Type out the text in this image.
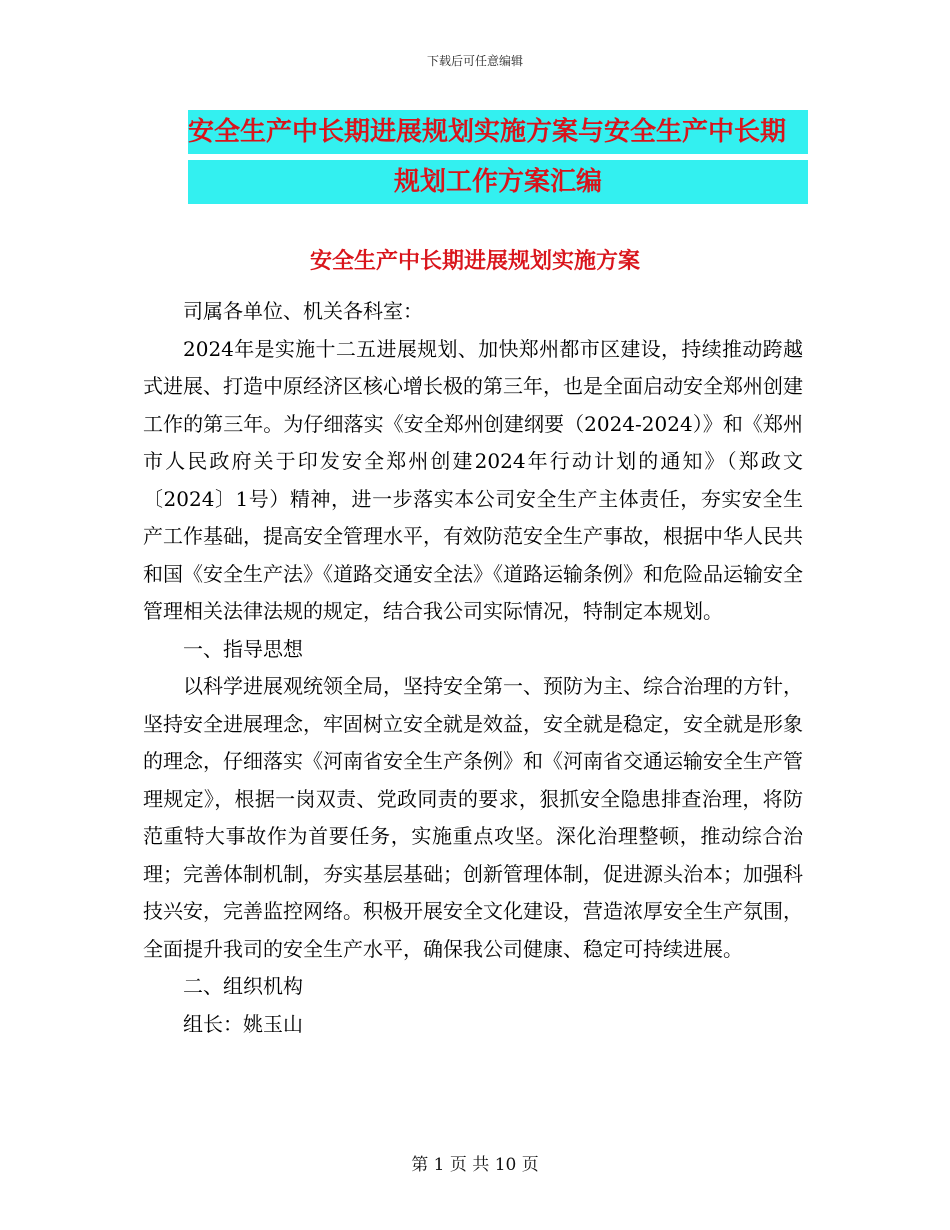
下载后可任意编辑
安全生产中长期进展规划实施方案与安全生产中长期
规划工作方案汇编
安全生产中长期进展规划实施方案

司属各单位、机关各科室：

2024年是实施十二五进展规划、加快郑州都市区建设，持续推动跨越式进展、打造中原经济区核心增长极的第三年，也是全面启动安全郑州创建工作的第三年。为仔细落实《安全郑州创建纲要（2024-2024）》和《郑州市人民政府关于印发安全郑州创建2024年行动计划的通知》（郑政文〔2024〕1号）精神，进一步落实本公司安全生产主体责任，夯实安全生产工作基础，提高安全管理水平，有效防范安全生产事故，根据中华人民共和国《安全生产法》《道路交通安全法》《道路运输条例》和危险品运输安全管理相关法律法规的规定，结合我公司实际情况，特制定本规划。

一、指导思想

以科学进展观统领全局，坚持安全第一、预防为主、综合治理的方针，坚持安全进展理念，牢固树立安全就是效益，安全就是稳定，安全就是形象的理念，仔细落实《河南省安全生产条例》和《河南省交通运输安全生产管理规定》，根据一岗双责、党政同责的要求，狠抓安全隐患排查治理，将防范重特大事故作为首要任务，实施重点攻坚。深化治理整顿，推动综合治理；完善体制机制，夯实基层基础；创新管理体制，促进源头治本；加强科技兴安，完善监控网络。积极开展安全文化建设，营造浓厚安全生产氛围，全面提升我司的安全生产水平，确保我公司健康、稳定可持续进展。

二、组织机构

组长：姚玉山

第 1 页 共 10 页
